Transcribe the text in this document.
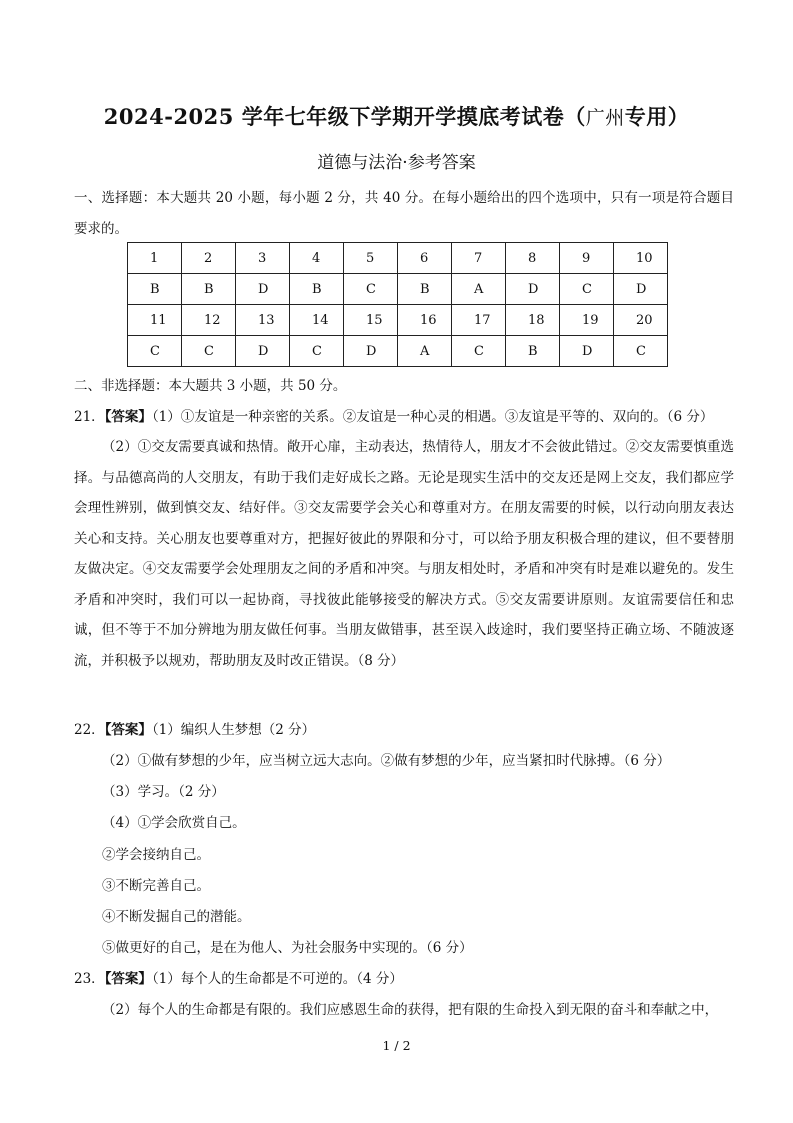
2024-2025 学年七年级下学期开学摸底考试卷（广州专用）
道德与法治·参考答案
一、选择题：本大题共 20 小题，每小题 2 分，共 40 分。在每小题给出的四个选项中，只有一项是符合题目要求的。
1	2	3	4	5	6	7	8	9	10
B	B	D	B	C	B	A	D	C	D
11	12	13	14	15	16	17	18	19	20
C	C	D	C	D	A	C	B	D	C
二、非选择题：本大题共 3 小题，共 50 分。
21．【答案】（1）①友谊是一种亲密的关系。②友谊是一种心灵的相遇。③友谊是平等的、双向的。（6 分）
（2）①交友需要真诚和热情。敞开心扉，主动表达，热情待人，朋友才不会彼此错过。②交友需要慎重选择。与品德高尚的人交朋友，有助于我们走好成长之路。无论是现实生活中的交友还是网上交友，我们都应学会理性辨别，做到慎交友、结好伴。③交友需要学会关心和尊重对方。在朋友需要的时候，以行动向朋友表达关心和支持。关心朋友也要尊重对方，把握好彼此的界限和分寸，可以给予朋友积极合理的建议，但不要替朋友做决定。④交友需要学会处理朋友之间的矛盾和冲突。与朋友相处时，矛盾和冲突有时是难以避免的。发生矛盾和冲突时，我们可以一起协商，寻找彼此能够接受的解决方式。⑤交友需要讲原则。友谊需要信任和忠诚，但不等于不加分辨地为朋友做任何事。当朋友做错事，甚至误入歧途时，我们要坚持正确立场、不随波逐流，并积极予以规劝，帮助朋友及时改正错误。（8 分）
22．【答案】（1）编织人生梦想（2 分）
（2）①做有梦想的少年，应当树立远大志向。②做有梦想的少年，应当紧扣时代脉搏。（6 分）
（3）学习。（2 分）
（4）①学会欣赏自己。
②学会接纳自己。
③不断完善自己。
④不断发掘自己的潜能。
⑤做更好的自己，是在为他人、为社会服务中实现的。（6 分）
23．【答案】（1）每个人的生命都是不可逆的。（4 分）
（2）每个人的生命都是有限的。我们应感恩生命的获得，把有限的生命投入到无限的奋斗和奉献之中，
1 / 2
